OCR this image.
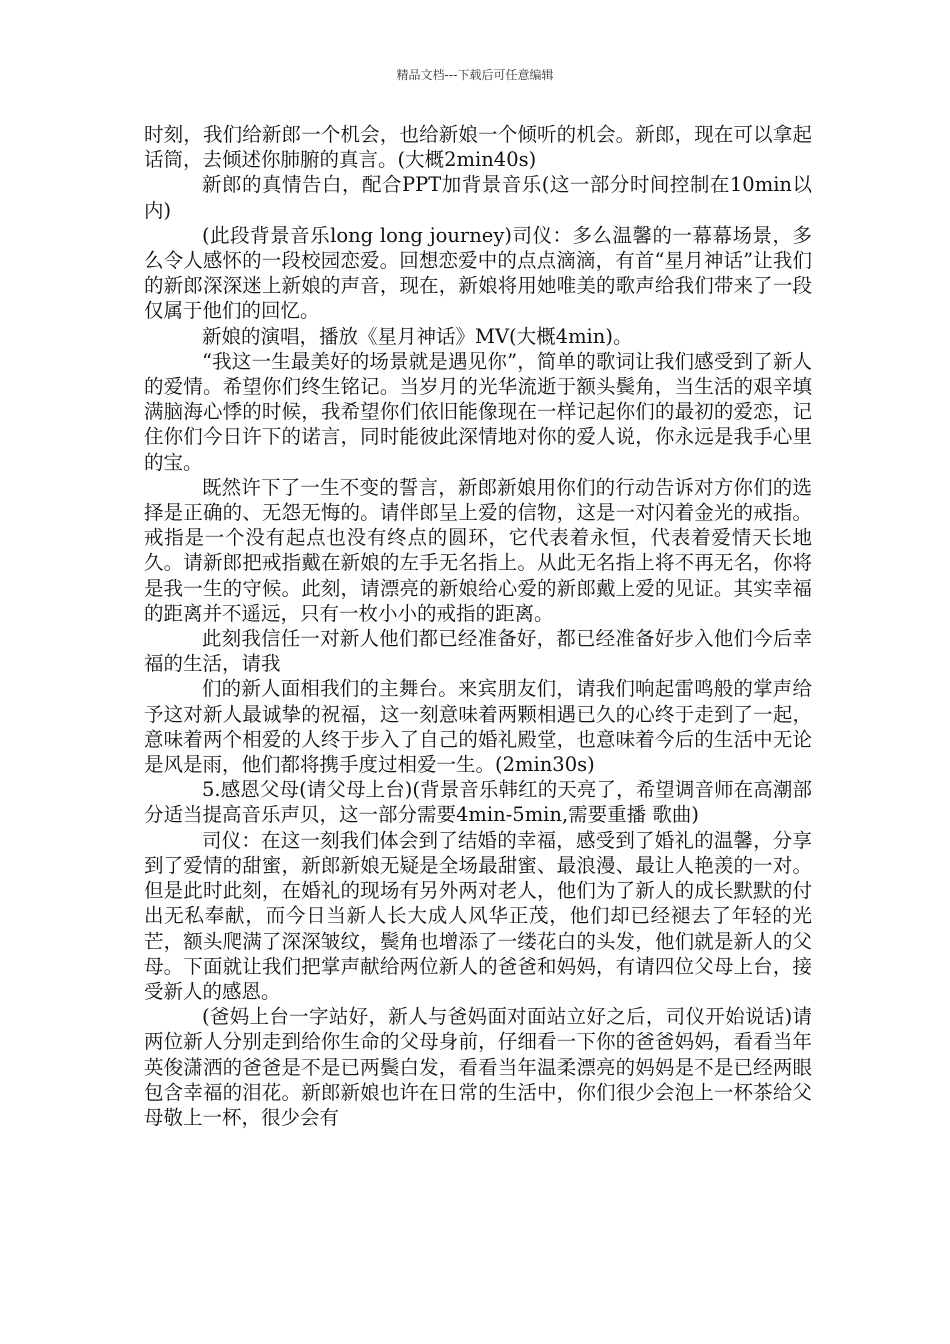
精品文档---下载后可任意编辑

时刻，我们给新郎一个机会，也给新娘一个倾听的机会。新郎，现在可以拿起话筒，去倾述你肺腑的真言。(大概2min40s)

新郎的真情告白，配合PPT加背景音乐(这一部分时间控制在10min以内)

(此段背景音乐long long journey)司仪：多么温馨的一幕幕场景，多么令人感怀的一段校园恋爱。回想恋爱中的点点滴滴，有首“星月神话”让我们的新郎深深迷上新娘的声音，现在，新娘将用她唯美的歌声给我们带来了一段仅属于他们的回忆。

新娘的演唱，播放《星月神话》MV(大概4min)。

“我这一生最美好的场景就是遇见你”，简单的歌词让我们感受到了新人的爱情。希望你们终生铭记。当岁月的光华流逝于额头鬓角，当生活的艰辛填满脑海心悸的时候，我希望你们依旧能像现在一样记起你们的最初的爱恋，记住你们今日许下的诺言，同时能彼此深情地对你的爱人说，你永远是我手心里的宝。

既然许下了一生不变的誓言，新郎新娘用你们的行动告诉对方你们的选择是正确的、无怨无悔的。请伴郎呈上爱的信物，这是一对闪着金光的戒指。戒指是一个没有起点也没有终点的圆环，它代表着永恒，代表着爱情天长地久。请新郎把戒指戴在新娘的左手无名指上。从此无名指上将不再无名，你将是我一生的守候。此刻，请漂亮的新娘给心爱的新郎戴上爱的见证。其实幸福的距离并不遥远，只有一枚小小的戒指的距离。

此刻我信任一对新人他们都已经准备好，都已经准备好步入他们今后幸福的生活，请我

们的新人面相我们的主舞台。来宾朋友们，请我们响起雷鸣般的掌声给予这对新人最诚挚的祝福，这一刻意味着两颗相遇已久的心终于走到了一起，意味着两个相爱的人终于步入了自己的婚礼殿堂，也意味着今后的生活中无论是风是雨，他们都将携手度过相爱一生。(2min30s)

5.感恩父母(请父母上台)(背景音乐韩红的天亮了，希望调音师在高潮部分适当提高音乐声贝，这一部分需要4min-5min,需要重播 歌曲)

司仪：在这一刻我们体会到了结婚的幸福，感受到了婚礼的温馨，分享到了爱情的甜蜜，新郎新娘无疑是全场最甜蜜、最浪漫、最让人艳羡的一对。但是此时此刻，在婚礼的现场有另外两对老人，他们为了新人的成长默默的付出无私奉献，而今日当新人长大成人风华正茂，他们却已经褪去了年轻的光芒，额头爬满了深深皱纹，鬓角也增添了一缕花白的头发，他们就是新人的父母。下面就让我们把掌声献给两位新人的爸爸和妈妈，有请四位父母上台，接受新人的感恩。

(爸妈上台一字站好，新人与爸妈面对面站立好之后，司仪开始说话)请两位新人分别走到给你生命的父母身前，仔细看一下你的爸爸妈妈，看看当年英俊潇洒的爸爸是不是已两鬓白发，看看当年温柔漂亮的妈妈是不是已经两眼包含幸福的泪花。新郎新娘也许在日常的生活中，你们很少会泡上一杯茶给父母敬上一杯，很少会有
